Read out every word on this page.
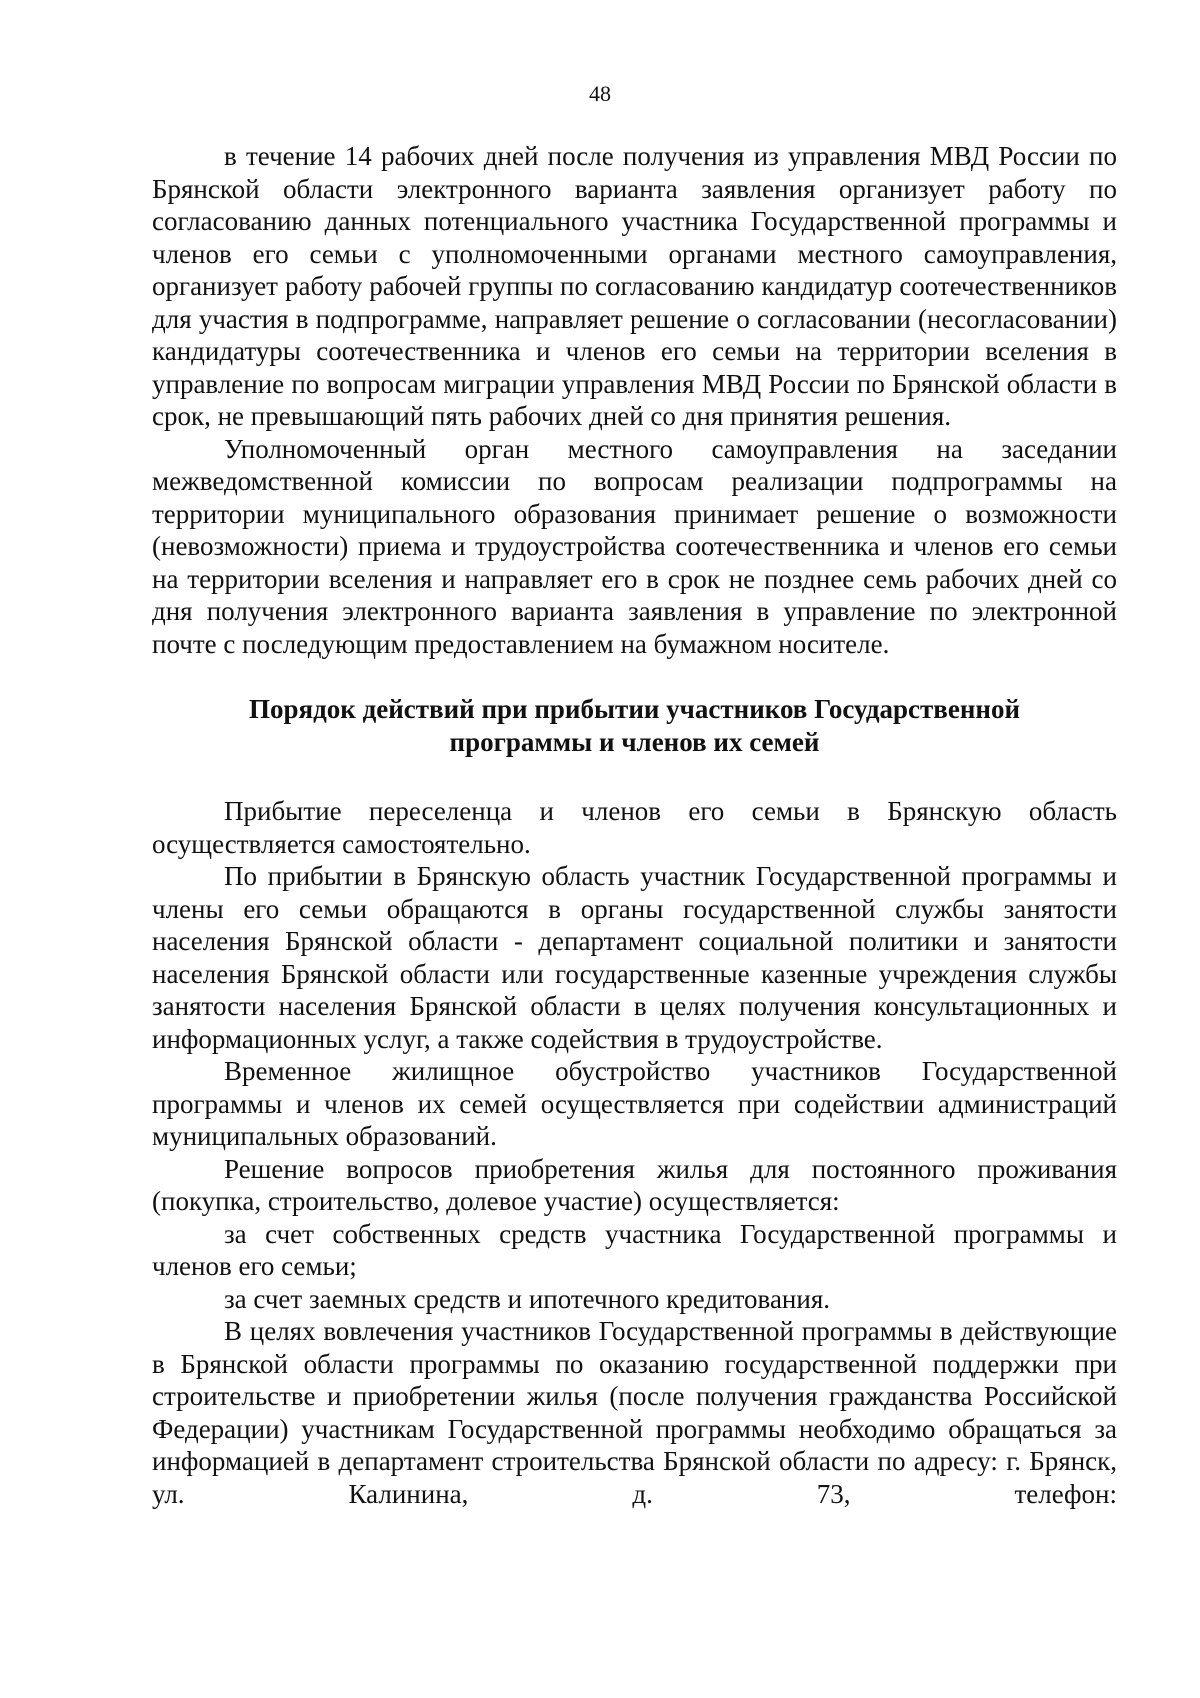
48

в течение 14 рабочих дней после получения из управления МВД России по Брянской области электронного варианта заявления организует работу по согласованию данных потенциального участника Государственной программы и членов его семьи с уполномоченными органами местного самоуправления, организует работу рабочей группы по согласованию кандидатур соотечественников для участия в подпрограмме, направляет решение о согласовании (несогласовании) кандидатуры соотечественника и членов его семьи на территории вселения в управление по вопросам миграции управления МВД России по Брянской области в срок, не превышающий пять рабочих дней со дня принятия решения.

Уполномоченный орган местного самоуправления на заседании межведомственной комиссии по вопросам реализации подпрограммы на территории муниципального образования принимает решение о возможности (невозможности) приема и трудоустройства соотечественника и членов его семьи на территории вселения и направляет его в срок не позднее семь рабочих дней со дня получения электронного варианта заявления в управление по электронной почте с последующим предоставлением на бумажном носителе.

Порядок действий при прибытии участников Государственной
программы и членов их семей

Прибытие переселенца и членов его семьи в Брянскую область осуществляется самостоятельно.

По прибытии в Брянскую область участник Государственной программы и члены его семьи обращаются в органы государственной службы занятости населения Брянской области - департамент социальной политики и занятости населения Брянской области или государственные казенные учреждения службы занятости населения Брянской области в целях получения консультационных и информационных услуг, а также содействия в трудоустройстве.

Временное жилищное обустройство участников Государственной программы и членов их семей осуществляется при содействии администраций муниципальных образований.

Решение вопросов приобретения жилья для постоянного проживания (покупка, строительство, долевое участие) осуществляется:

за счет собственных средств участника Государственной программы и членов его семьи;

за счет заемных средств и ипотечного кредитования.

В целях вовлечения участников Государственной программы в действующие в Брянской области программы по оказанию государственной поддержки при строительстве и приобретении жилья (после получения гражданства Российской Федерации) участникам Государственной программы необходимо обращаться за информацией в департамент строительства Брянской области по адресу: г. Брянск, ул. Калинина, д. 73, телефон:
